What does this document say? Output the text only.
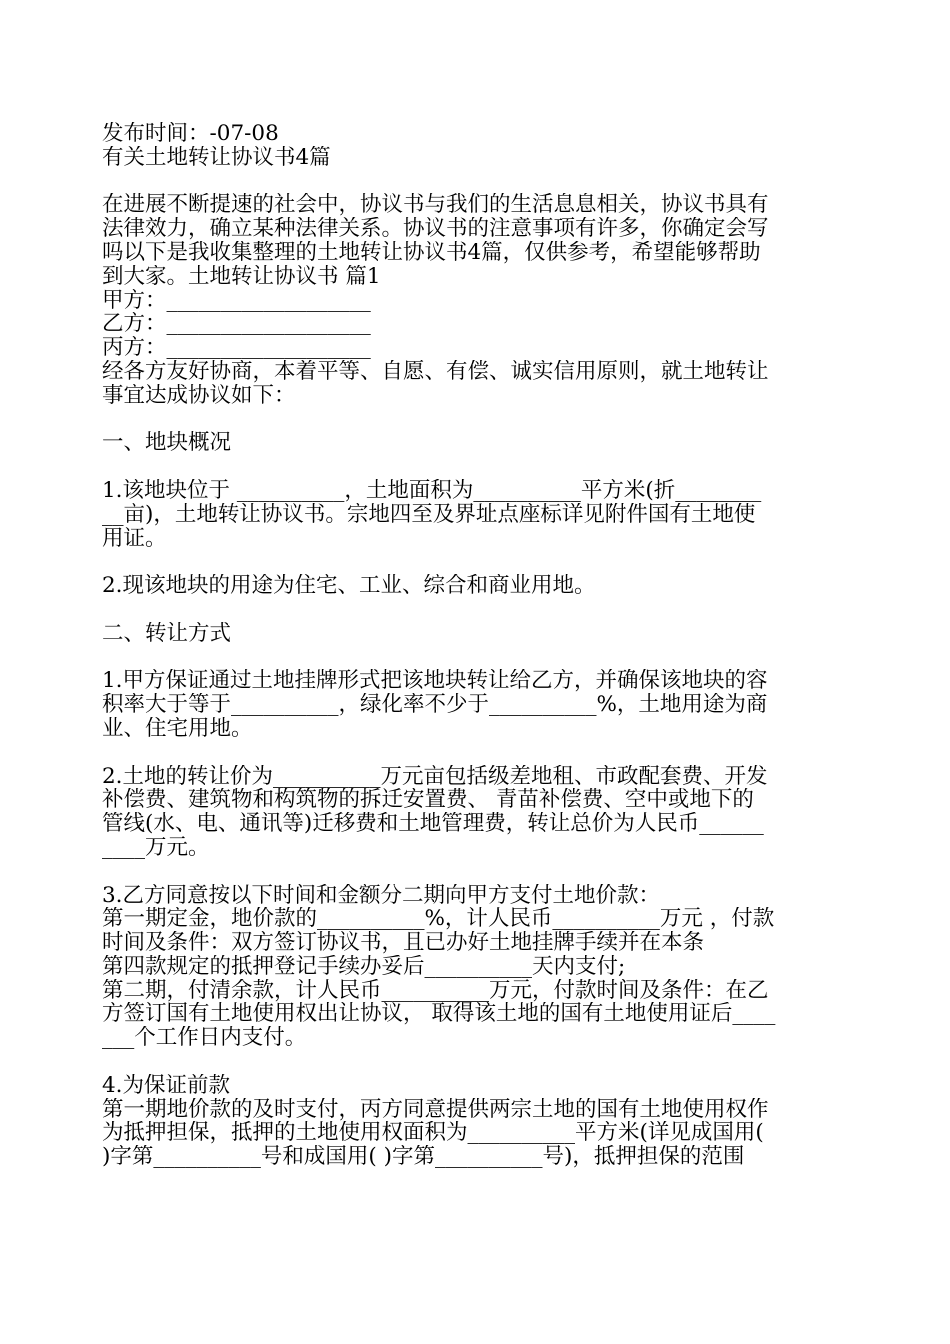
发布时间：-07-08
有关土地转让协议书4篇
在进展不断提速的社会中，协议书与我们的生活息息相关，协议书具有
法律效力，确立某种法律关系。协议书的注意事项有许多，你确定会写
吗以下是我收集整理的土地转让协议书4篇，仅供参考，希望能够帮助
到大家。土地转让协议书 篇1
甲方：___________________
乙方：___________________
丙方：___________________
经各方友好协商，本着平等、自愿、有偿、诚实信用原则，就土地转让
事宜达成协议如下：
一、地块概况
1.该地块位于 __________，土地面积为__________平方米(折________
__亩)，土地转让协议书。宗地四至及界址点座标详见附件国有土地使
用证。
2.现该地块的用途为住宅、工业、综合和商业用地。
二、转让方式
1.甲方保证通过土地挂牌形式把该地块转让给乙方，并确保该地块的容
积率大于等于__________，绿化率不少于__________%，土地用途为商
业、住宅用地。
2.土地的转让价为__________万元亩包括级差地租、市政配套费、开发
补偿费、建筑物和构筑物的拆迁安置费、 青苗补偿费、空中或地下的
管线(水、电、通讯等)迁移费和土地管理费，转让总价为人民币______
____万元。
3.乙方同意按以下时间和金额分二期向甲方支付土地价款：
第一期定金，地价款的__________%，计人民币__________万元 ，付款
时间及条件：双方签订协议书，且已办好土地挂牌手续并在本条
第四款规定的抵押登记手续办妥后__________天内支付;
第二期，付清余款，计人民币__________万元，付款时间及条件：在乙
方签订国有土地使用权出让协议， 取得该土地的国有土地使用证后____
___个工作日内支付。
4.为保证前款
第一期地价款的及时支付，丙方同意提供两宗土地的国有土地使用权作
为抵押担保，抵押的土地使用权面积为__________平方米(详见成国用(
)字第__________号和成国用( )字第__________号)，抵押担保的范围
